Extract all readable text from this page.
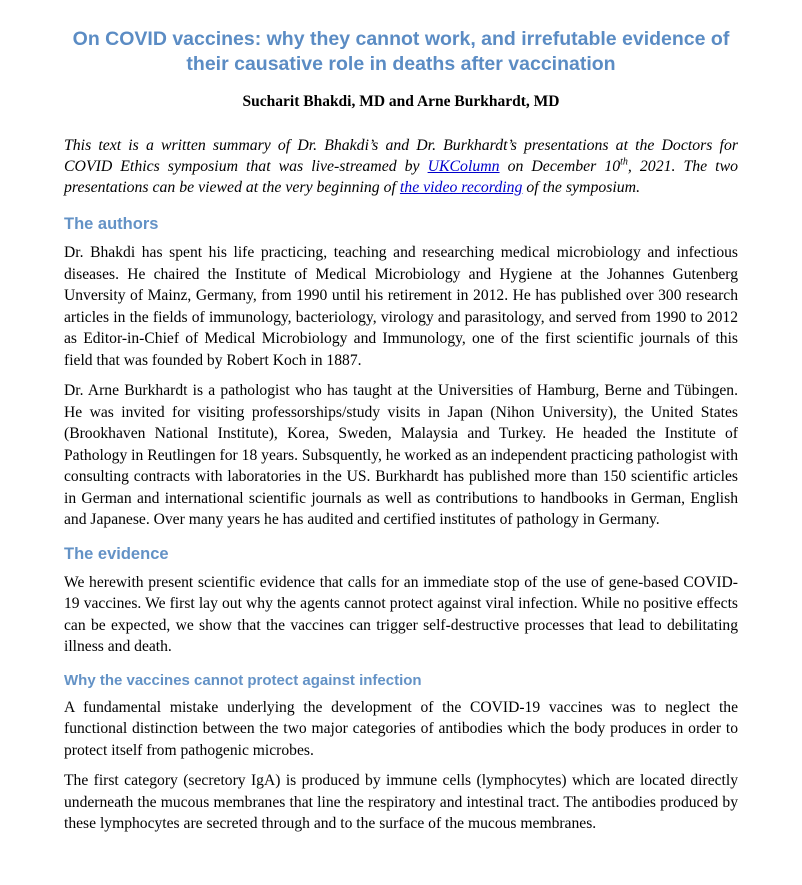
On COVID vaccines: why they cannot work, and irrefutable evidence of their causative role in deaths after vaccination

Sucharit Bhakdi, MD and Arne Burkhardt, MD

This text is a written summary of Dr. Bhakdi’s and Dr. Burkhardt’s presentations at the Doctors for COVID Ethics symposium that was live-streamed by UKColumn on December 10th, 2021. The two presentations can be viewed at the very beginning of the video recording of the symposium.

The authors

Dr. Bhakdi has spent his life practicing, teaching and researching medical microbiology and infectious diseases. He chaired the Institute of Medical Microbiology and Hygiene at the Johannes Gutenberg Unversity of Mainz, Germany, from 1990 until his retirement in 2012. He has published over 300 research articles in the fields of immunology, bacteriology, virology and parasitology, and served from 1990 to 2012 as Editor-in-Chief of Medical Microbiology and Immunology, one of the first scientific journals of this field that was founded by Robert Koch in 1887.

Dr. Arne Burkhardt is a pathologist who has taught at the Universities of Hamburg, Berne and Tübingen. He was invited for visiting professorships/study visits in Japan (Nihon University), the United States (Brookhaven National Institute), Korea, Sweden, Malaysia and Turkey. He headed the Institute of Pathology in Reutlingen for 18 years. Subsquently, he worked as an independent practicing pathologist with consulting contracts with laboratories in the US. Burkhardt has published more than 150 scientific articles in German and international scientific journals as well as contributions to handbooks in German, English and Japanese. Over many years he has audited and certified institutes of pathology in Germany.

The evidence

We herewith present scientific evidence that calls for an immediate stop of the use of gene-based COVID-19 vaccines. We first lay out why the agents cannot protect against viral infection. While no positive effects can be expected, we show that the vaccines can trigger self-destructive processes that lead to debilitating illness and death.

Why the vaccines cannot protect against infection

A fundamental mistake underlying the development of the COVID-19 vaccines was to neglect the functional distinction between the two major categories of antibodies which the body produces in order to protect itself from pathogenic microbes.

The first category (secretory IgA) is produced by immune cells (lymphocytes) which are located directly underneath the mucous membranes that line the respiratory and intestinal tract. The antibodies produced by these lymphocytes are secreted through and to the surface of the mucous membranes.
